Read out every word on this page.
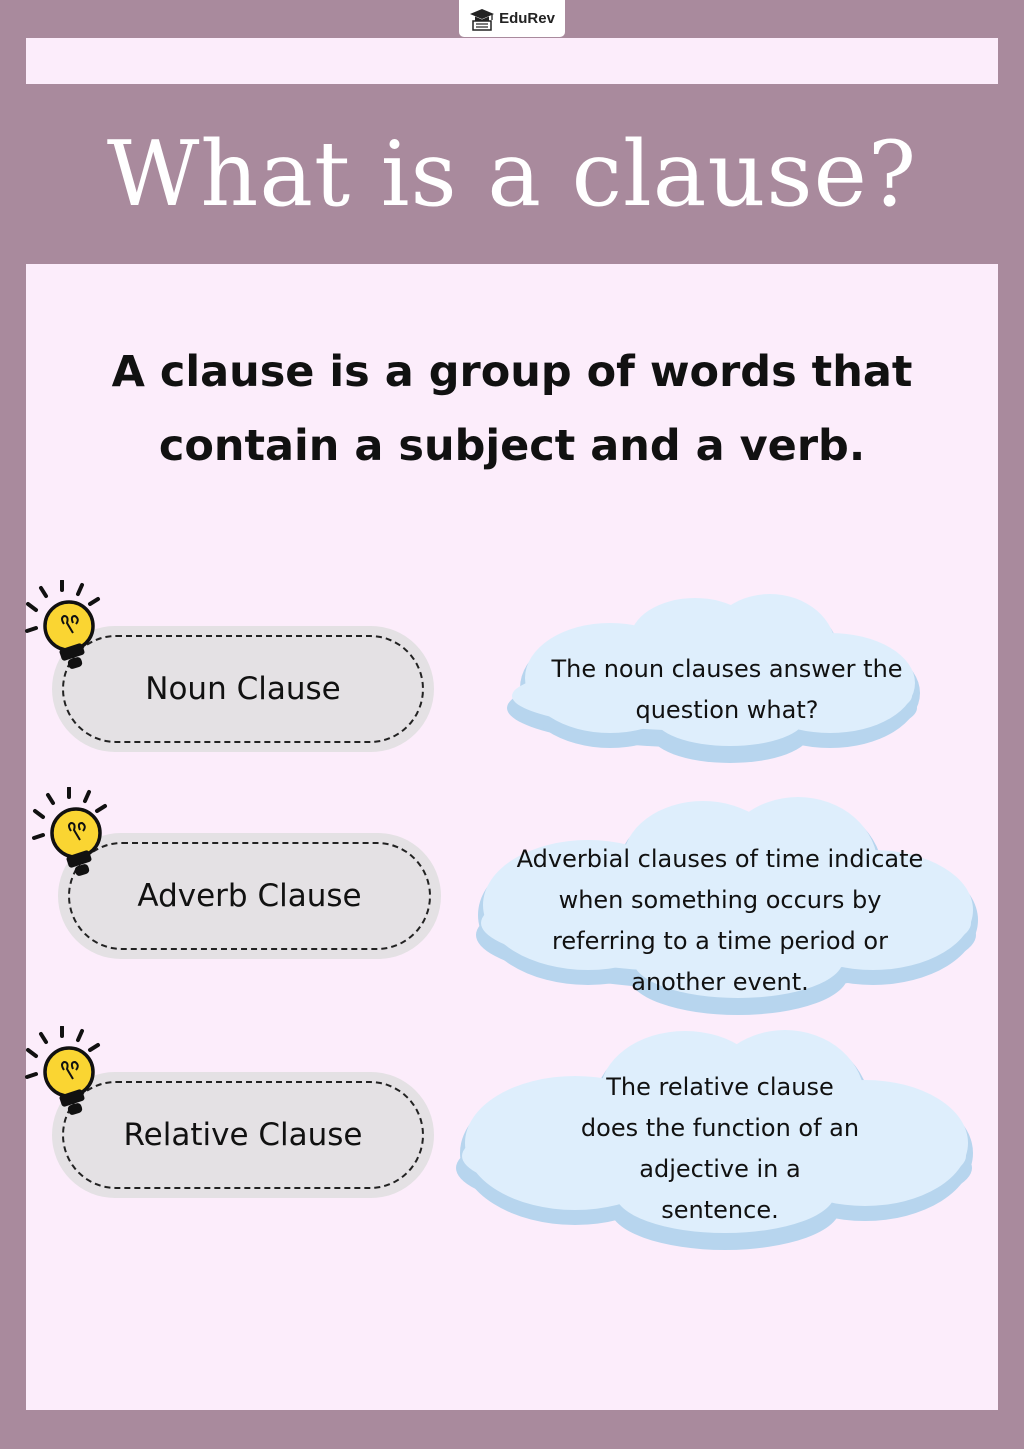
EduRev
What is a clause?
A clause is a group of words that contain a subject and a verb.
Noun Clause
The noun clauses answer the question what?
Adverb Clause
Adverbial clauses of time indicate when something occurs by referring to a time period or another event.
Relative Clause
The relative clause does the function of an adjective in a sentence.
